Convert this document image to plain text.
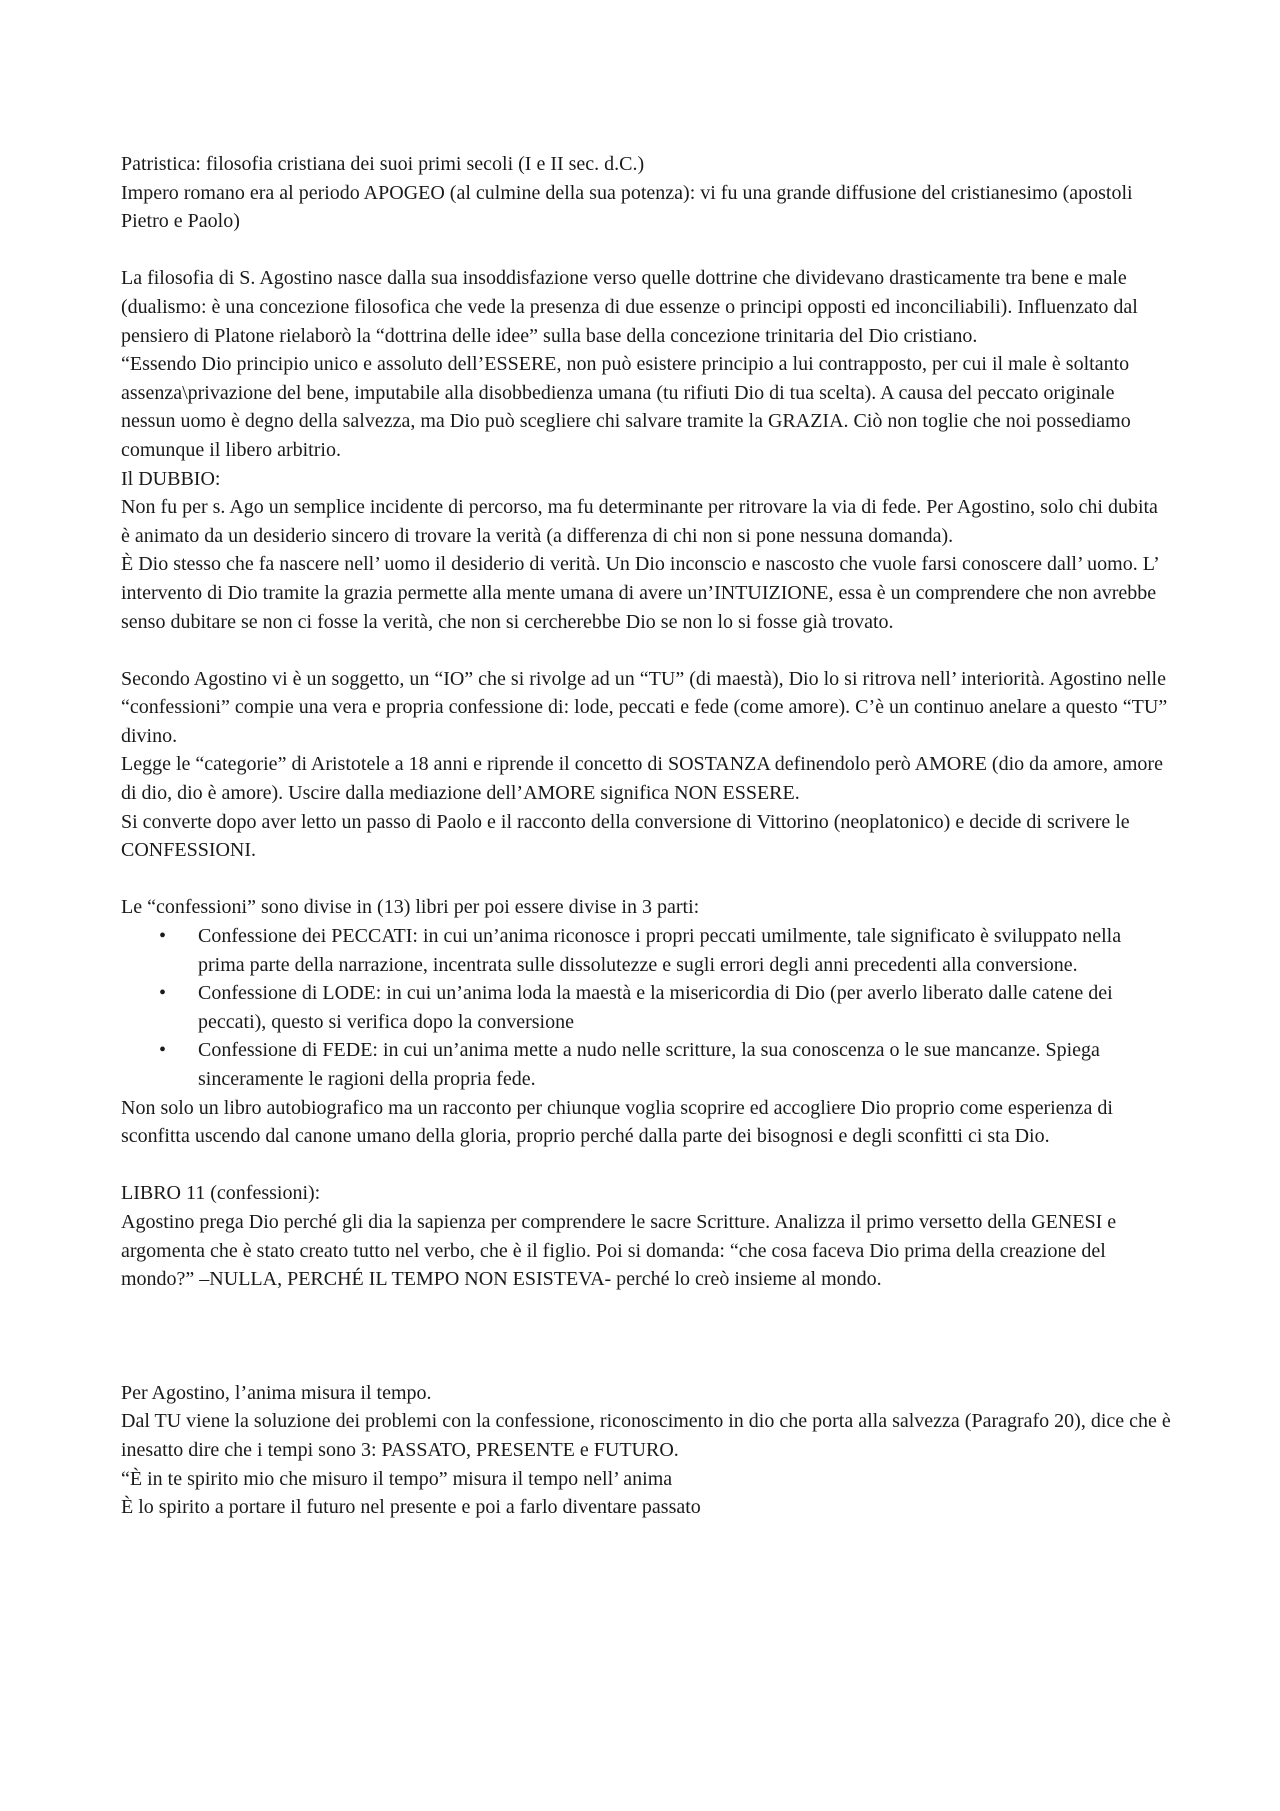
Patristica: filosofia cristiana dei suoi primi secoli (I e II sec. d.C.)

Impero romano era al periodo APOGEO (al culmine della sua potenza): vi fu una grande diffusione del cristianesimo (apostoli Pietro e Paolo)

La filosofia di S. Agostino nasce dalla sua insoddisfazione verso quelle dottrine che dividevano drasticamente tra bene e male (dualismo: è una concezione filosofica che vede la presenza di due essenze o principi opposti ed inconciliabili). Influenzato dal pensiero di Platone rielaborò la “dottrina delle idee” sulla base della concezione trinitaria del Dio cristiano.

“Essendo Dio principio unico e assoluto dell’ESSERE, non può esistere principio a lui contrapposto, per cui il male è soltanto assenza\privazione del bene, imputabile alla disobbedienza umana (tu rifiuti Dio di tua scelta). A causa del peccato originale nessun uomo è degno della salvezza, ma Dio può scegliere chi salvare tramite la GRAZIA. Ciò non toglie che noi possediamo comunque il libero arbitrio.

Il DUBBIO:

Non fu per s. Ago un semplice incidente di percorso, ma fu determinante per ritrovare la via di fede. Per Agostino, solo chi dubita è animato da un desiderio sincero di trovare la verità (a differenza di chi non si pone nessuna domanda).

È Dio stesso che fa nascere nell’ uomo il desiderio di verità. Un Dio inconscio e nascosto che vuole farsi conoscere dall’ uomo. L’ intervento di Dio tramite la grazia permette alla mente umana di avere un’INTUIZIONE, essa è un comprendere che non avrebbe senso dubitare se non ci fosse la verità, che non si cercherebbe Dio se non lo si fosse già trovato.

Secondo Agostino vi è un soggetto, un “IO” che si rivolge ad un “TU” (di maestà), Dio lo si ritrova nell’ interiorità. Agostino nelle “confessioni” compie una vera e propria confessione di: lode, peccati e fede (come amore). C’è un continuo anelare a questo “TU” divino.

Legge le “categorie” di Aristotele a 18 anni e riprende il concetto di SOSTANZA definendolo però AMORE (dio da amore, amore di dio, dio è amore). Uscire dalla mediazione dell’AMORE significa NON ESSERE.

Si converte dopo aver letto un passo di Paolo e il racconto della conversione di Vittorino (neoplatonico) e decide di scrivere le CONFESSIONI.

Le “confessioni” sono divise in (13) libri per poi essere divise in 3 parti:

• Confessione dei PECCATI: in cui un’anima riconosce i propri peccati umilmente, tale significato è sviluppato nella prima parte della narrazione, incentrata sulle dissolutezze e sugli errori degli anni precedenti alla conversione.
• Confessione di LODE: in cui un’anima loda la maestà e la misericordia di Dio (per averlo liberato dalle catene dei peccati), questo si verifica dopo la conversione
• Confessione di FEDE: in cui un’anima mette a nudo nelle scritture, la sua conoscenza o le sue mancanze. Spiega sinceramente le ragioni della propria fede.

Non solo un libro autobiografico ma un racconto per chiunque voglia scoprire ed accogliere Dio proprio come esperienza di sconfitta uscendo dal canone umano della gloria, proprio perché dalla parte dei bisognosi e degli sconfitti ci sta Dio.

LIBRO 11 (confessioni):

Agostino prega Dio perché gli dia la sapienza per comprendere le sacre Scritture. Analizza il primo versetto della GENESI e argomenta che è stato creato tutto nel verbo, che è il figlio. Poi si domanda: “che cosa faceva Dio prima della creazione del mondo?” –NULLA, PERCHÉ IL TEMPO NON ESISTEVA- perché lo creò insieme al mondo.

Per Agostino, l’anima misura il tempo.

Dal TU viene la soluzione dei problemi con la confessione, riconoscimento in dio che porta alla salvezza (Paragrafo 20), dice che è inesatto dire che i tempi sono 3: PASSATO, PRESENTE e FUTURO.

“È in te spirito mio che misuro il tempo” misura il tempo nell’ anima

È lo spirito a portare il futuro nel presente e poi a farlo diventare passato
